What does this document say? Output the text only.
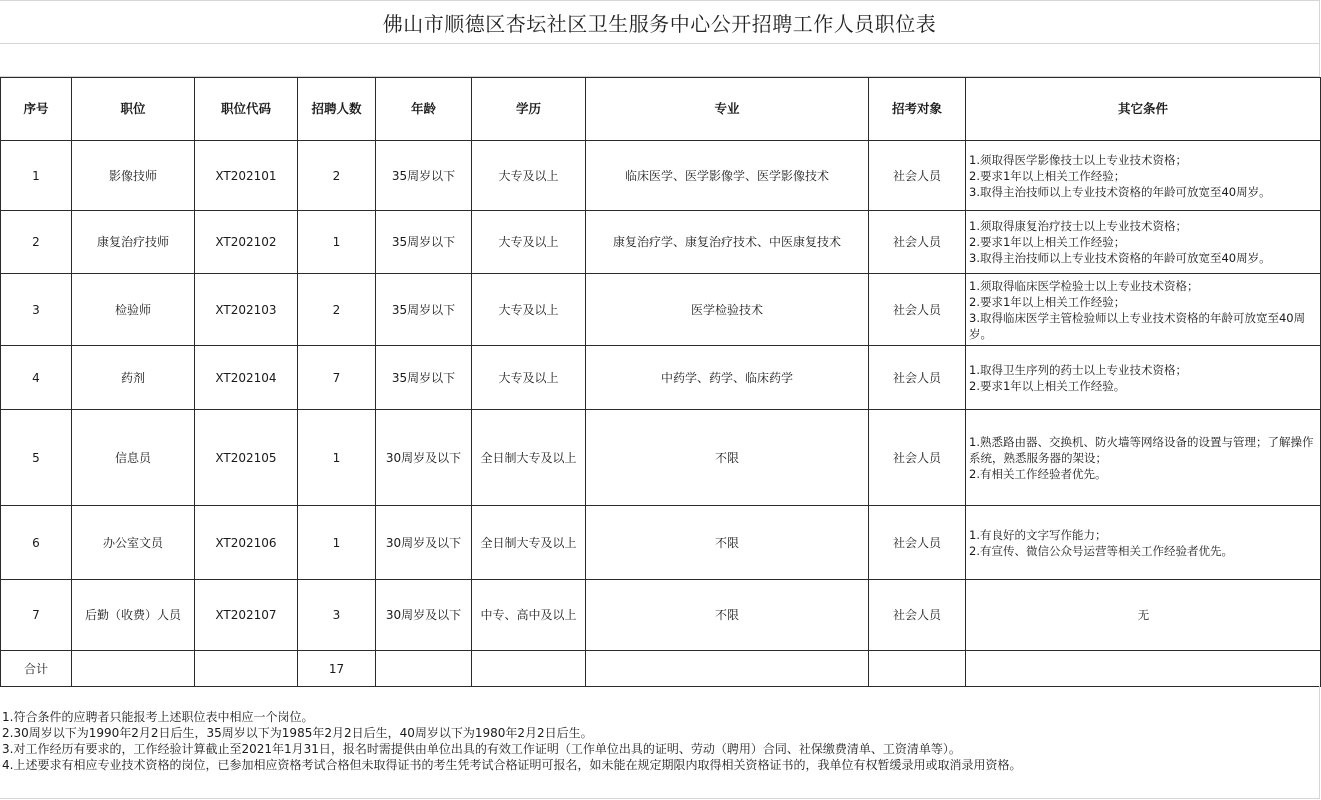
佛山市顺德区杏坛社区卫生服务中心公开招聘工作人员职位表
序号	职位	职位代码	招聘人数	年龄	学历	专业	招考对象	其它条件
1	影像技师	XT202101	2	35周岁以下	大专及以上	临床医学、医学影像学、医学影像技术	社会人员	1.须取得医学影像技士以上专业技术资格；
2.要求1年以上相关工作经验；
3.取得主治技师以上专业技术资格的年龄可放宽至40周岁。

2	康复治疗技师	XT202102	1	35周岁以下	大专及以上	康复治疗学、康复治疗技术、中医康复技术	社会人员	1.须取得康复治疗技士以上专业技术资格；
2.要求1年以上相关工作经验；
3.取得主治技师以上专业技术资格的年龄可放宽至40周岁。

3	检验师	XT202103	2	35周岁以下	大专及以上	医学检验技术	社会人员	1.须取得临床医学检验士以上专业技术资格；
2.要求1年以上相关工作经验；
3.取得临床医学主管检验师以上专业技术资格的年龄可放宽至40周岁。

4	药剂	XT202104	7	35周岁以下	大专及以上	中药学、药学、临床药学	社会人员	1.取得卫生序列的药士以上专业技术资格；
2.要求1年以上相关工作经验。

5	信息员	XT202105	1	30周岁及以下	全日制大专及以上	不限	社会人员	1.熟悉路由器、交换机、防火墙等网络设备的设置与管理；了解操作系统，熟悉服务器的架设；
2.有相关工作经验者优先。

6	办公室文员	XT202106	1	30周岁及以下	全日制大专及以上	不限	社会人员	1.有良好的文字写作能力；
2.有宣传、微信公众号运营等相关工作经验者优先。

7	后勤（收费）人员	XT202107	3	30周岁及以下	中专、高中及以上	不限	社会人员	无
合计			17					
1.符合条件的应聘者只能报考上述职位表中相应一个岗位。
2.30周岁以下为1990年2月2日后生，35周岁以下为1985年2月2日后生，40周岁以下为1980年2月2日后生。
3.对工作经历有要求的，工作经验计算截止至2021年1月31日，报名时需提供由单位出具的有效工作证明（工作单位出具的证明、劳动（聘用）合同、社保缴费清单、工资清单等）。
4.上述要求有相应专业技术资格的岗位，已参加相应资格考试合格但未取得证书的考生凭考试合格证明可报名，如未能在规定期限内取得相关资格证书的，我单位有权暂缓录用或取消录用资格。
